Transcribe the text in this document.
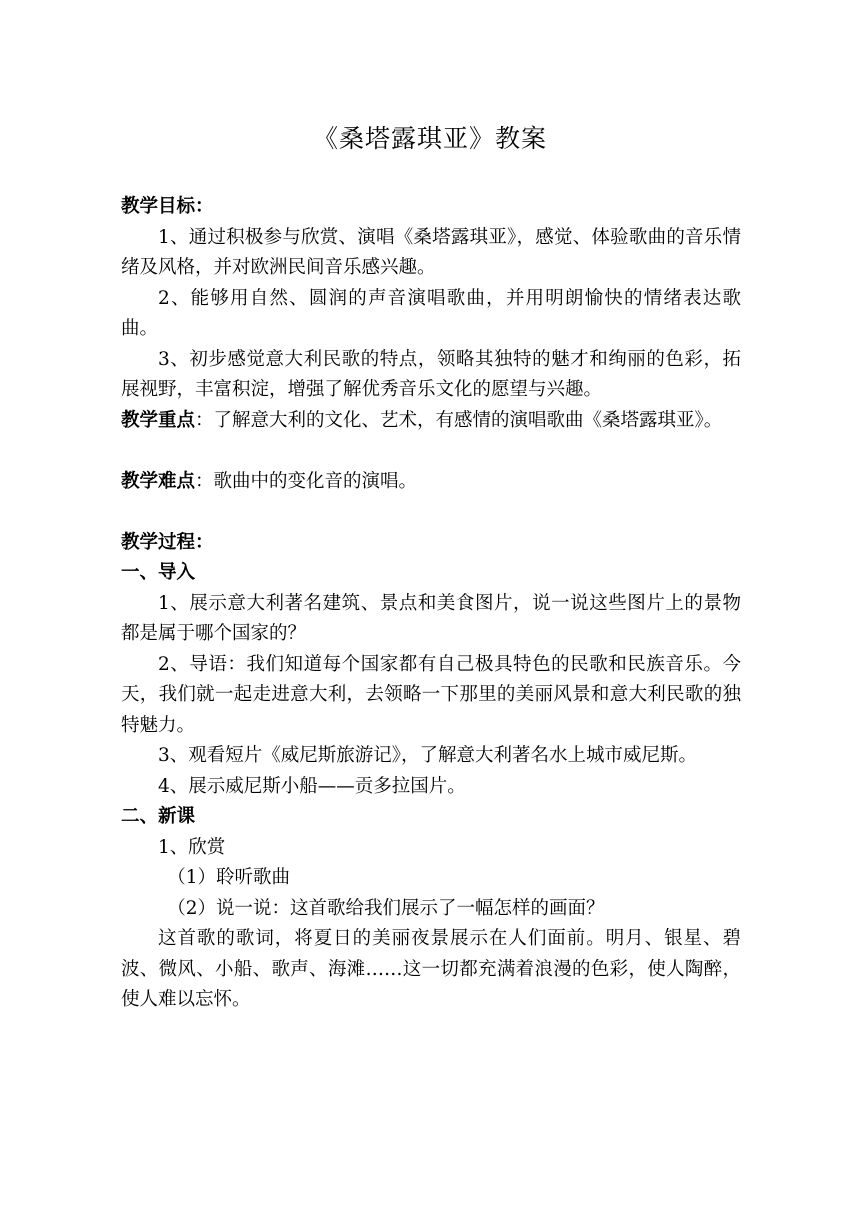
《桑塔露琪亚》教案

教学目标：

1、通过积极参与欣赏、演唱《桑塔露琪亚》，感觉、体验歌曲的音乐情绪及风格，并对欧洲民间音乐感兴趣。

2、能够用自然、圆润的声音演唱歌曲，并用明朗愉快的情绪表达歌曲。

3、初步感觉意大利民歌的特点，领略其独特的魅才和绚丽的色彩，拓展视野，丰富积淀，增强了解优秀音乐文化的愿望与兴趣。

教学重点：了解意大利的文化、艺术，有感情的演唱歌曲《桑塔露琪亚》。

教学难点：歌曲中的变化音的演唱。

教学过程：

一、导入

1、展示意大利著名建筑、景点和美食图片，说一说这些图片上的景物都是属于哪个国家的？

2、导语：我们知道每个国家都有自己极具特色的民歌和民族音乐。今天，我们就一起走进意大利，去领略一下那里的美丽风景和意大利民歌的独特魅力。

3、观看短片《威尼斯旅游记》，了解意大利著名水上城市威尼斯。

4、展示威尼斯小船——贡多拉国片。

二、新课

1、欣赏

（1）聆听歌曲

（2）说一说：这首歌给我们展示了一幅怎样的画面？

这首歌的歌词，将夏日的美丽夜景展示在人们面前。明月、银星、碧波、微风、小船、歌声、海滩……这一切都充满着浪漫的色彩，使人陶醉，使人难以忘怀。
